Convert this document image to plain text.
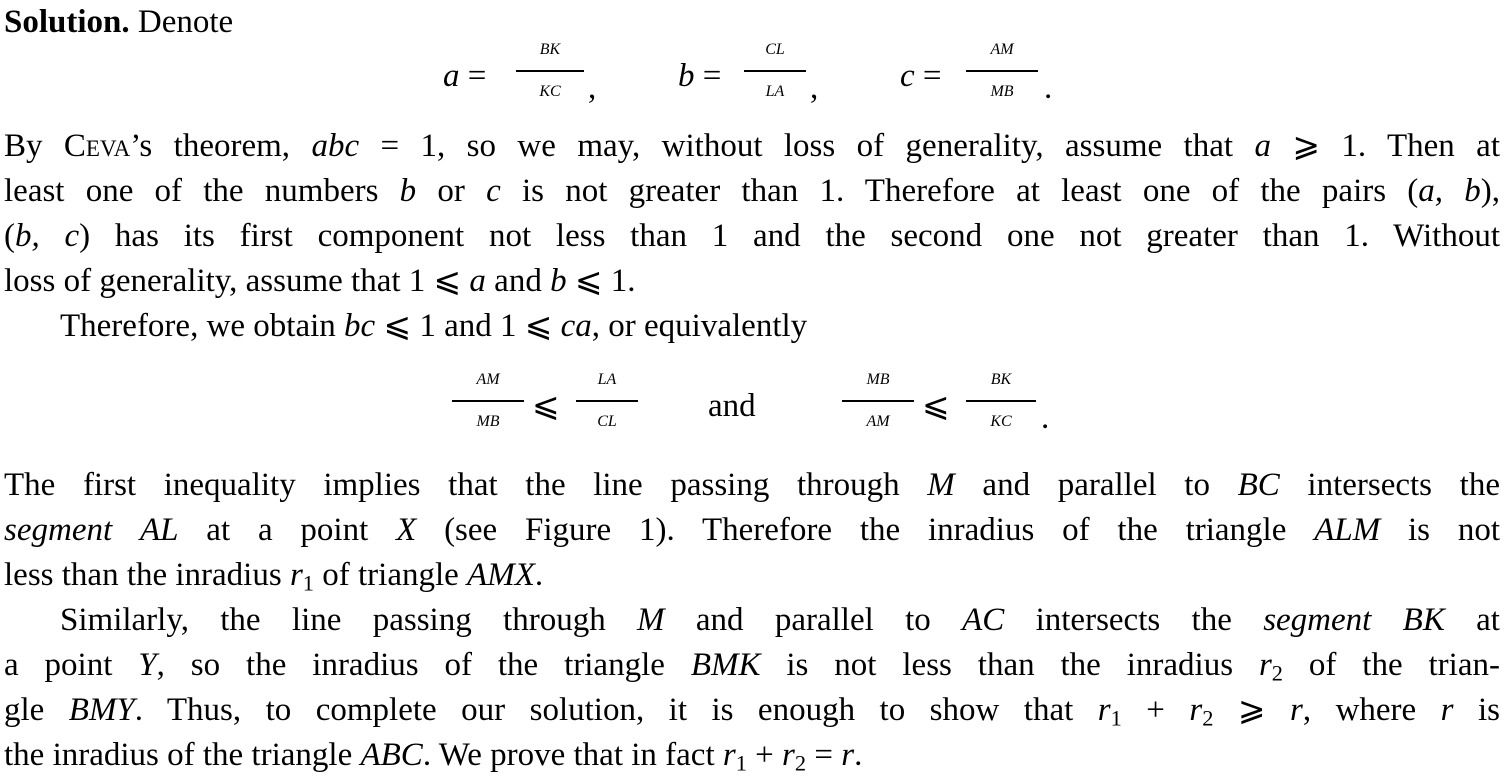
Solution. Denote
a =
BK
KC , b =
CL
LA , c =
AM
MB .
By Ceva’s theorem, abc = 1, so we may, without loss of generality, assume that a ⩾ 1. Then at
least one of the numbers b or c is not greater than 1. Therefore at least one of the pairs (a, b),
(b, c) has its first component not less than 1 and the second one not greater than 1. Without
loss of generality, assume that 1 ⩽ a and b ⩽ 1.
Therefore, we obtain bc ⩽ 1 and 1 ⩽ ca, or equivalently
AM
MB ⩽
LA
CL	and
MB
AM ⩽
BK
KC .
The first inequality implies that the line passing through M and parallel to BC intersects the
segment AL at a point X (see Figure 1). Therefore the inradius of the triangle ALM is not
less than the inradius $r_1$ of triangle AMX.
Similarly, the line passing through M and parallel to AC intersects the segment BK at
a point Y, so the inradius of the triangle BMK is not less than the inradius $r_2$ of the trian-
gle BMY. Thus, to complete our solution, it is enough to show that $r_1 + r_2$ ⩾ r, where r is
the inradius of the triangle ABC. We prove that in fact $r_1 + r_2 = r$.
